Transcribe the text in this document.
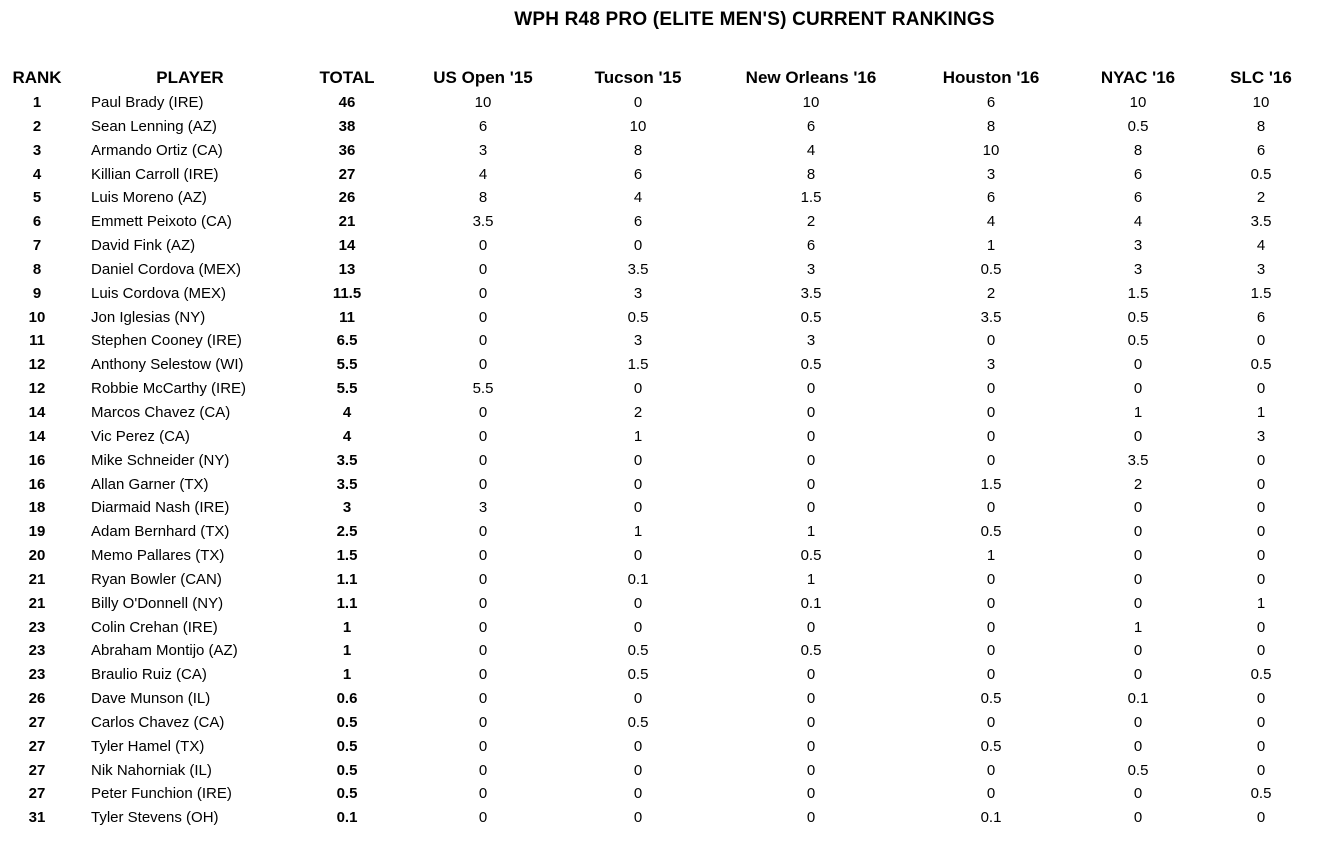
WPH R48 PRO (ELITE MEN'S) CURRENT RANKINGS
RANK	PLAYER	TOTAL	US Open '15	Tucson '15	New Orleans '16	Houston '16	NYAC '16	SLC '16
1	Paul Brady (IRE)	46	10	0	10	6	10	10
2	Sean Lenning (AZ)	38	6	10	6	8	0.5	8
3	Armando Ortiz (CA)	36	3	8	4	10	8	6
4	Killian Carroll (IRE)	27	4	6	8	3	6	0.5
5	Luis Moreno (AZ)	26	8	4	1.5	6	6	2
6	Emmett Peixoto (CA)	21	3.5	6	2	4	4	3.5
7	David Fink (AZ)	14	0	0	6	1	3	4
8	Daniel Cordova (MEX)	13	0	3.5	3	0.5	3	3
9	Luis Cordova (MEX)	11.5	0	3	3.5	2	1.5	1.5
10	Jon Iglesias (NY)	11	0	0.5	0.5	3.5	0.5	6
11	Stephen Cooney (IRE)	6.5	0	3	3	0	0.5	0
12	Anthony Selestow (WI)	5.5	0	1.5	0.5	3	0	0.5
12	Robbie McCarthy (IRE)	5.5	5.5	0	0	0	0	0
14	Marcos Chavez (CA)	4	0	2	0	0	1	1
14	Vic Perez (CA)	4	0	1	0	0	0	3
16	Mike Schneider (NY)	3.5	0	0	0	0	3.5	0
16	Allan Garner (TX)	3.5	0	0	0	1.5	2	0
18	Diarmaid Nash (IRE)	3	3	0	0	0	0	0
19	Adam Bernhard (TX)	2.5	0	1	1	0.5	0	0
20	Memo Pallares (TX)	1.5	0	0	0.5	1	0	0
21	Ryan Bowler (CAN)	1.1	0	0.1	1	0	0	0
21	Billy O'Donnell (NY)	1.1	0	0	0.1	0	0	1
23	Colin Crehan (IRE)	1	0	0	0	0	1	0
23	Abraham Montijo (AZ)	1	0	0.5	0.5	0	0	0
23	Braulio Ruiz (CA)	1	0	0.5	0	0	0	0.5
26	Dave Munson (IL)	0.6	0	0	0	0.5	0.1	0
27	Carlos Chavez (CA)	0.5	0	0.5	0	0	0	0
27	Tyler Hamel (TX)	0.5	0	0	0	0.5	0	0
27	Nik Nahorniak (IL)	0.5	0	0	0	0	0.5	0
27	Peter Funchion (IRE)	0.5	0	0	0	0	0	0.5
31	Tyler Stevens (OH)	0.1	0	0	0	0.1	0	0
